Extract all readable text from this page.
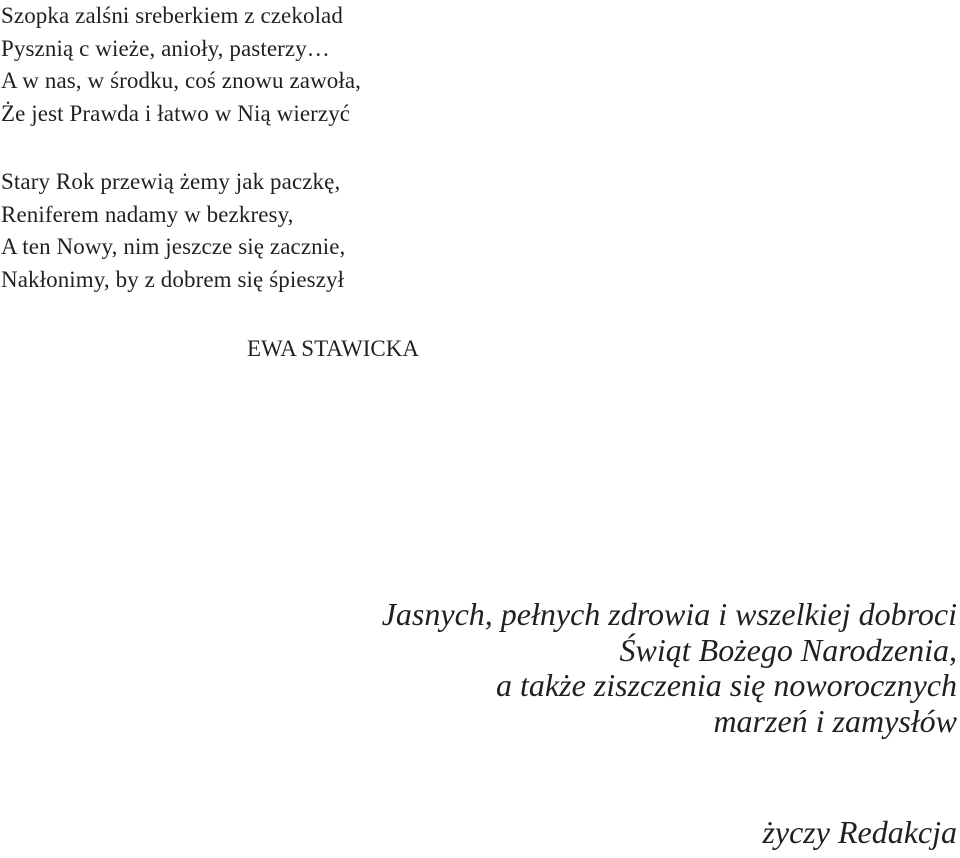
Szopka zalśni sreberkiem z czekolad
Pysznią c wieże, anioły, pasterzy…
A w nas, w środku, coś znowu zawoła,
Że jest Prawda i łatwo w Nią wierzyć
Stary Rok przewią żemy jak paczkę,
Reniferem nadamy w bezkresy,
A ten Nowy, nim jeszcze się zacznie,
Nakłonimy, by z dobrem się śpieszył
EWA STAWICKA
Jasnych, pełnych zdrowia i wszelkiej dobroci
Świąt Bożego Narodzenia,
a także ziszczenia się noworocznych
marzeń i zamysłów
życzy Redakcja
